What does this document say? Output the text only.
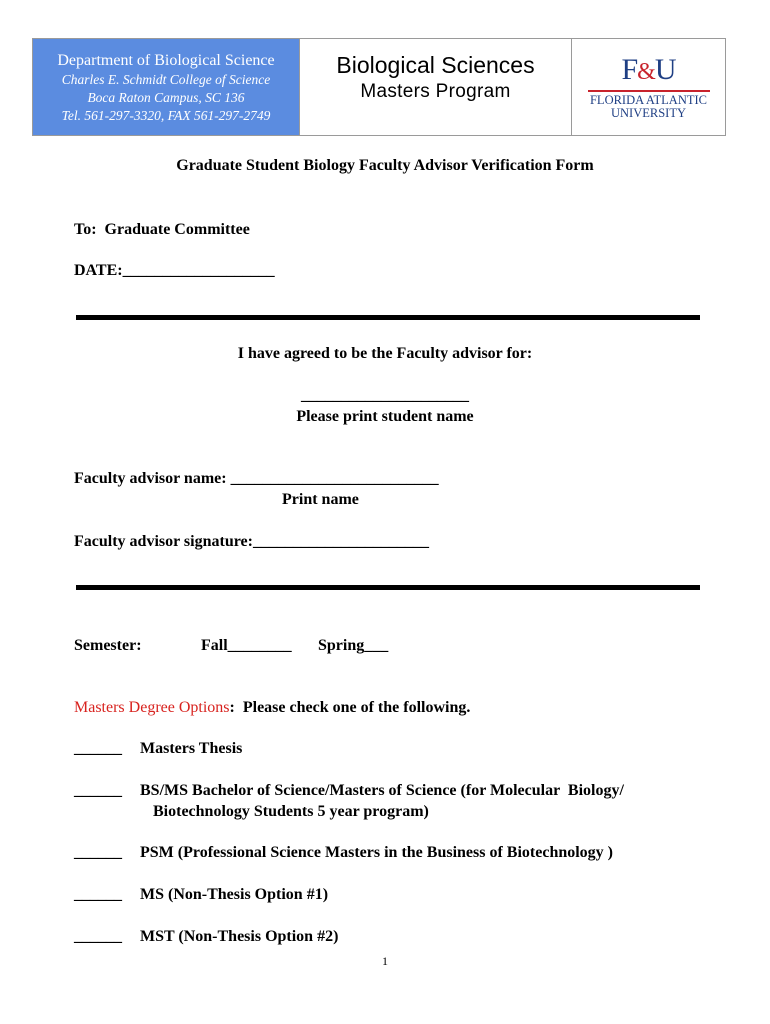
Department of Biological Science
Charles E. Schmidt College of Science
Boca Raton Campus, SC 136
Tel. 561-297-3320, FAX 561-297-2749
Biological Sciences
Masters Program
F&U
FLORIDA ATLANTIC
UNIVERSITY
Graduate Student Biology Faculty Advisor Verification Form
To:  Graduate Committee
DATE:___________________
I have agreed to be the Faculty advisor for:
_____________________
Please print student name
Faculty advisor name: __________________________
Print name
Faculty advisor signature:______________________
Semester:	Fall________ Spring___
Masters Degree Options:  Please check one of the following.
______ Masters Thesis
______ BS/MS Bachelor of Science/Masters of Science (for Molecular  Biology/
Biotechnology Students 5 year program)
______ PSM (Professional Science Masters in the Business of Biotechnology )
______ MS (Non-Thesis Option #1)
______ MST (Non-Thesis Option #2)
1
